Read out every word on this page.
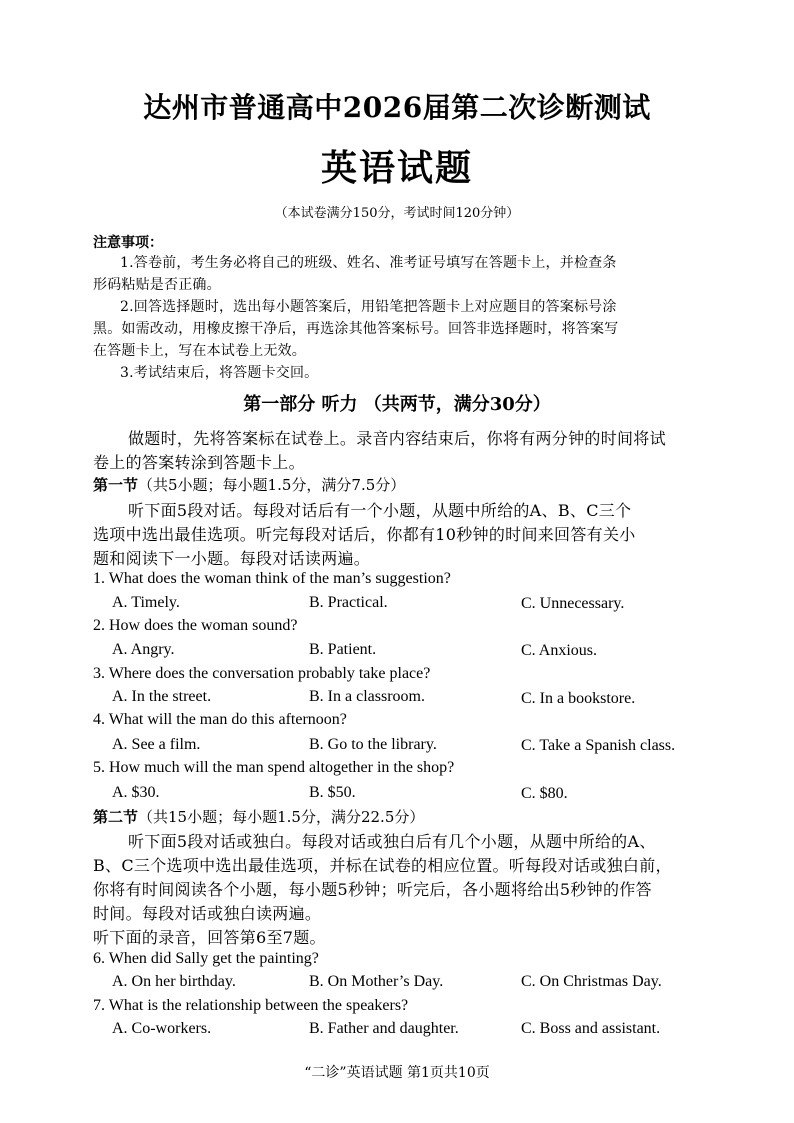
达州市普通高中2026届第二次诊断测试
英语试题
（本试卷满分150分，考试时间120分钟）
注意事项：
1.答卷前，考生务必将自己的班级、姓名、准考证号填写在答题卡上，并检查条
形码粘贴是否正确。
2.回答选择题时，选出每小题答案后，用铅笔把答题卡上对应题目的答案标号涂
黑。如需改动，用橡皮擦干净后，再选涂其他答案标号。回答非选择题时，将答案写
在答题卡上，写在本试卷上无效。
3.考试结束后，将答题卡交回。
第一部分 听力 （共两节，满分30分）
做题时，先将答案标在试卷上。录音内容结束后，你将有两分钟的时间将试
卷上的答案转涂到答题卡上。
第一节（共5小题；每小题1.5分，满分7.5分）
听下面5段对话。每段对话后有一个小题，从题中所给的A、B、C三个
选项中选出最佳选项。听完每段对话后，你都有10秒钟的时间来回答有关小
题和阅读下一小题。每段对话读两遍。
1. What does the woman think of the man’s suggestion?
A. Timely.	B. Practical.	C. Unnecessary.
2. How does the woman sound?
A. Angry.	B. Patient.	C. Anxious.
3. Where does the conversation probably take place?
A. In the street.	B. In a classroom.	C. In a bookstore.
4. What will the man do this afternoon?
A. See a film.	B. Go to the library.	C. Take a Spanish class.
5. How much will the man spend altogether in the shop?
A. $30.	B. $50.	C. $80.
第二节（共15小题；每小题1.5分，满分22.5分）
听下面5段对话或独白。每段对话或独白后有几个小题，从题中所给的A、
B、C三个选项中选出最佳选项，并标在试卷的相应位置。听每段对话或独白前，
你将有时间阅读各个小题，每小题5秒钟；听完后，各小题将给出5秒钟的作答
时间。每段对话或独白读两遍。
听下面的录音，回答第6至7题。
6. When did Sally get the painting?
A. On her birthday.	B. On Mother’s Day.	C. On Christmas Day.
7. What is the relationship between the speakers?
A. Co-workers.	B. Father and daughter.	C. Boss and assistant.
“二诊”英语试题 第1页共10页
